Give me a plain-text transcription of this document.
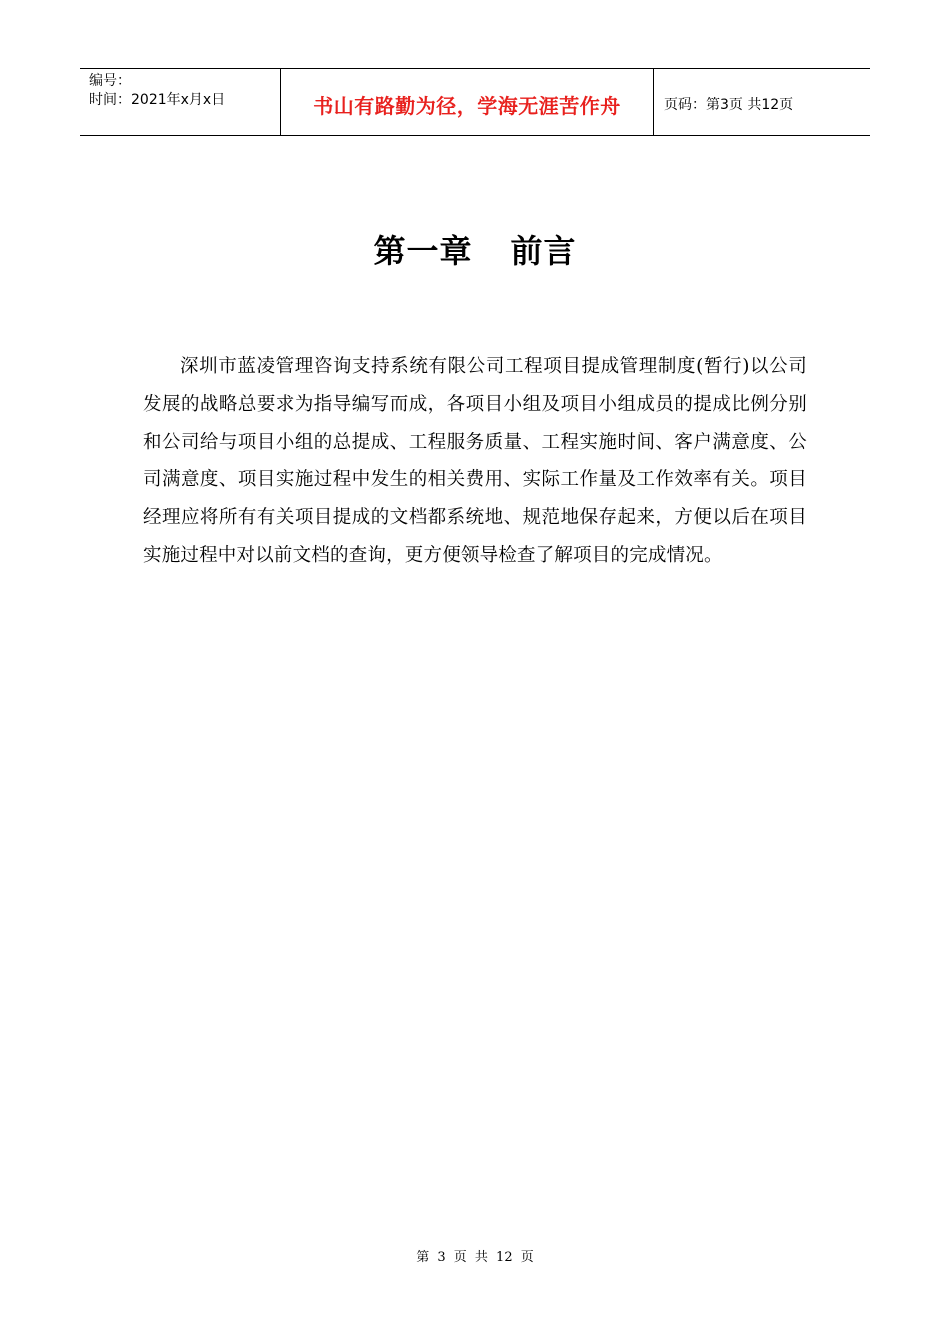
编号：
时间：2021年x月x日	书山有路勤为径，学海无涯苦作舟	页码：第3页 共12页
第一章 前言
深圳市蓝凌管理咨询支持系统有限公司工程项目提成管理制度(暂行)以公司发展的战略总要求为指导编写而成，各项目小组及项目小组成员的提成比例分别和公司给与项目小组的总提成、工程服务质量、工程实施时间、客户满意度、公司满意度、项目实施过程中发生的相关费用、实际工作量及工作效率有关。项目经理应将所有有关项目提成的文档都系统地、规范地保存起来，方便以后在项目实施过程中对以前文档的查询，更方便领导检查了解项目的完成情况。
第 3 页 共 12 页
